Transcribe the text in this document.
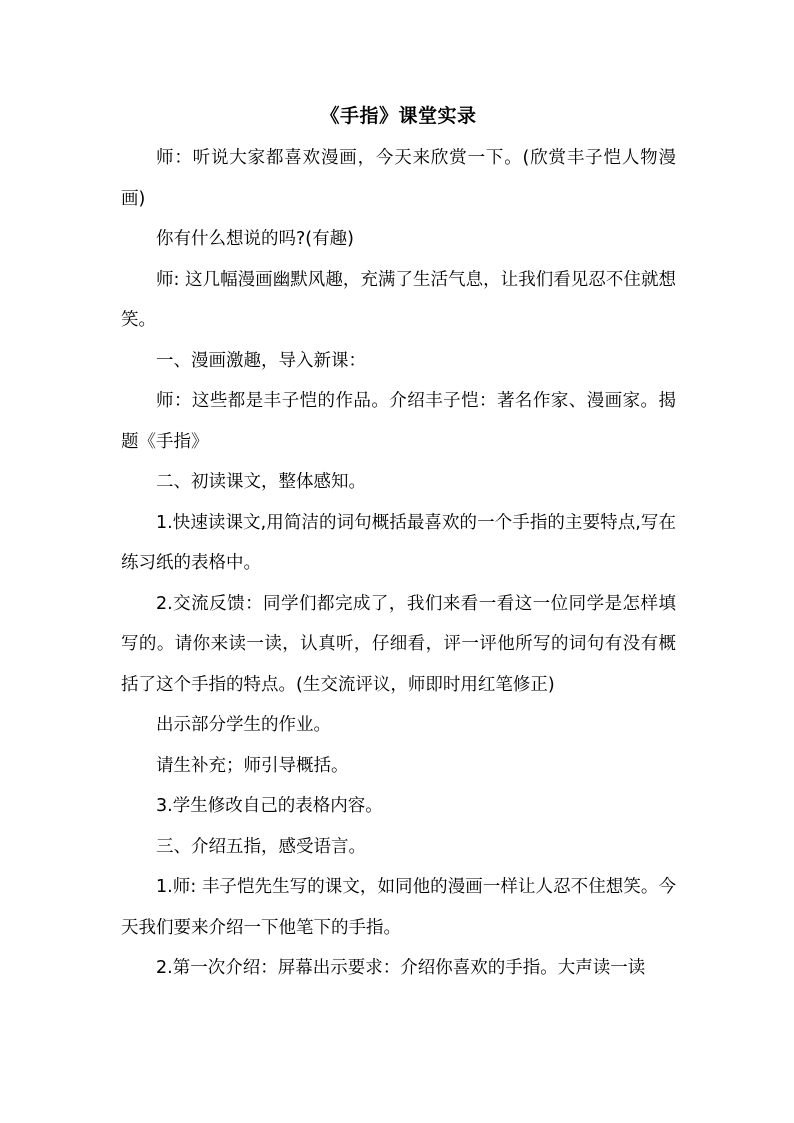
《手指》课堂实录

师：听说大家都喜欢漫画，今天来欣赏一下。(欣赏丰子恺人物漫画)

你有什么想说的吗?(有趣)

师: 这几幅漫画幽默风趣，充满了生活气息，让我们看见忍不住就想笑。

一、漫画激趣，导入新课：

师：这些都是丰子恺的作品。介绍丰子恺：著名作家、漫画家。揭题《手指》

二、初读课文，整体感知。

1.快速读课文,用简洁的词句概括最喜欢的一个手指的主要特点,写在练习纸的表格中。

2.交流反馈：同学们都完成了，我们来看一看这一位同学是怎样填写的。请你来读一读，认真听，仔细看，评一评他所写的词句有没有概括了这个手指的特点。(生交流评议，师即时用红笔修正)

出示部分学生的作业。

请生补充；师引导概括。

3.学生修改自己的表格内容。

三、介绍五指，感受语言。

1.师: 丰子恺先生写的课文，如同他的漫画一样让人忍不住想笑。今天我们要来介绍一下他笔下的手指。

2.第一次介绍：屏幕出示要求：介绍你喜欢的手指。大声读一读
